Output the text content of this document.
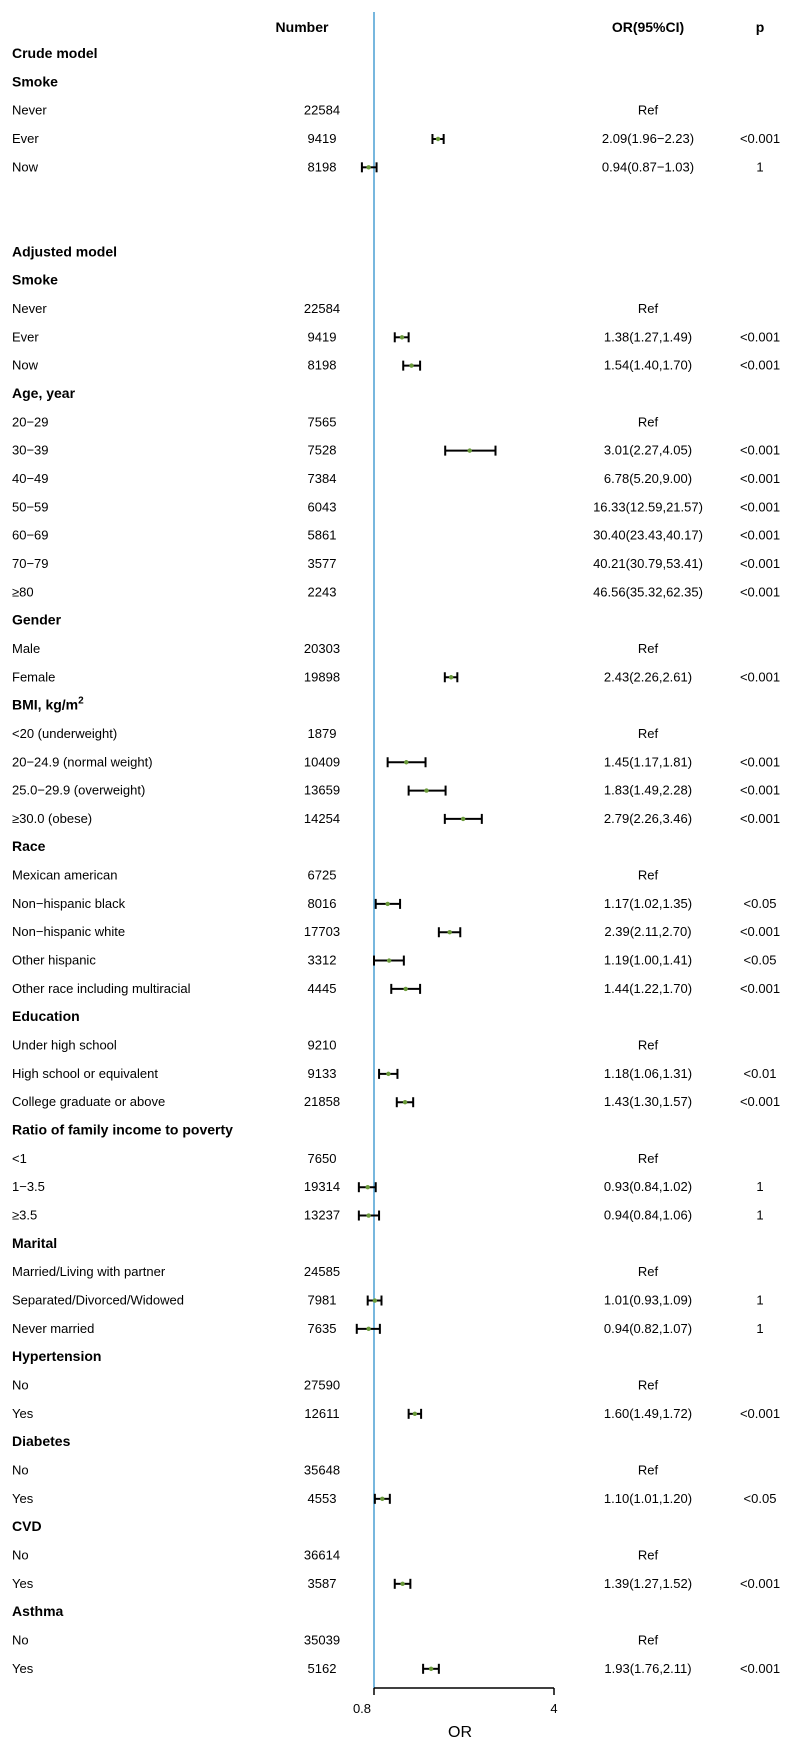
Number	OR(95%CI)	p
Crude model
Smoke
Never	22584	Ref
Ever	9419	2.09(1.96−2.23)	<0.001
Now	8198	0.94(0.87−1.03)	1
Adjusted model
Smoke
Never	22584	Ref
Ever	9419	1.38(1.27,1.49)	<0.001
Now	8198	1.54(1.40,1.70)	<0.001
Age, year
20−29	7565	Ref
30−39	7528	3.01(2.27,4.05)	<0.001
40−49	7384	6.78(5.20,9.00)	<0.001
50−59	6043	16.33(12.59,21.57)	<0.001
60−69	5861	30.40(23.43,40.17)	<0.001
70−79	3577	40.21(30.79,53.41)	<0.001
≥80	2243	46.56(35.32,62.35)	<0.001
Gender
Male	20303	Ref
Female	19898	2.43(2.26,2.61)	<0.001
BMI, $kg/m^2$
<20 (underweight)	1879	Ref
20−24.9 (normal weight)	10409	1.45(1.17,1.81)	<0.001
25.0−29.9 (overweight)	13659	1.83(1.49,2.28)	<0.001
≥30.0 (obese)	14254	2.79(2.26,3.46)	<0.001
Race
Mexican american	6725	Ref
Non−hispanic black	8016	1.17(1.02,1.35)	<0.05
Non−hispanic white	17703	2.39(2.11,2.70)	<0.001
Other hispanic	3312	1.19(1.00,1.41)	<0.05
Other race including multiracial	4445	1.44(1.22,1.70)	<0.001
Education
Under high school	9210	Ref
High school or equivalent	9133	1.18(1.06,1.31)	<0.01
College graduate or above	21858	1.43(1.30,1.57)	<0.001
Ratio of family income to poverty
<1	7650	Ref
1−3.5	19314	0.93(0.84,1.02)	1
≥3.5	13237	0.94(0.84,1.06)	1
Marital
Married/Living with partner	24585	Ref
Separated/Divorced/Widowed	7981	1.01(0.93,1.09)	1
Never married	7635	0.94(0.82,1.07)	1
Hypertension
No	27590	Ref
Yes	12611	1.60(1.49,1.72)	<0.001
Diabetes
No	35648	Ref
Yes	4553	1.10(1.01,1.20)	<0.05
CVD
No	36614	Ref
Yes	3587	1.39(1.27,1.52)	<0.001
Asthma
No	35039	Ref
Yes	5162	1.93(1.76,2.11)	<0.001
0.8	4
OR
